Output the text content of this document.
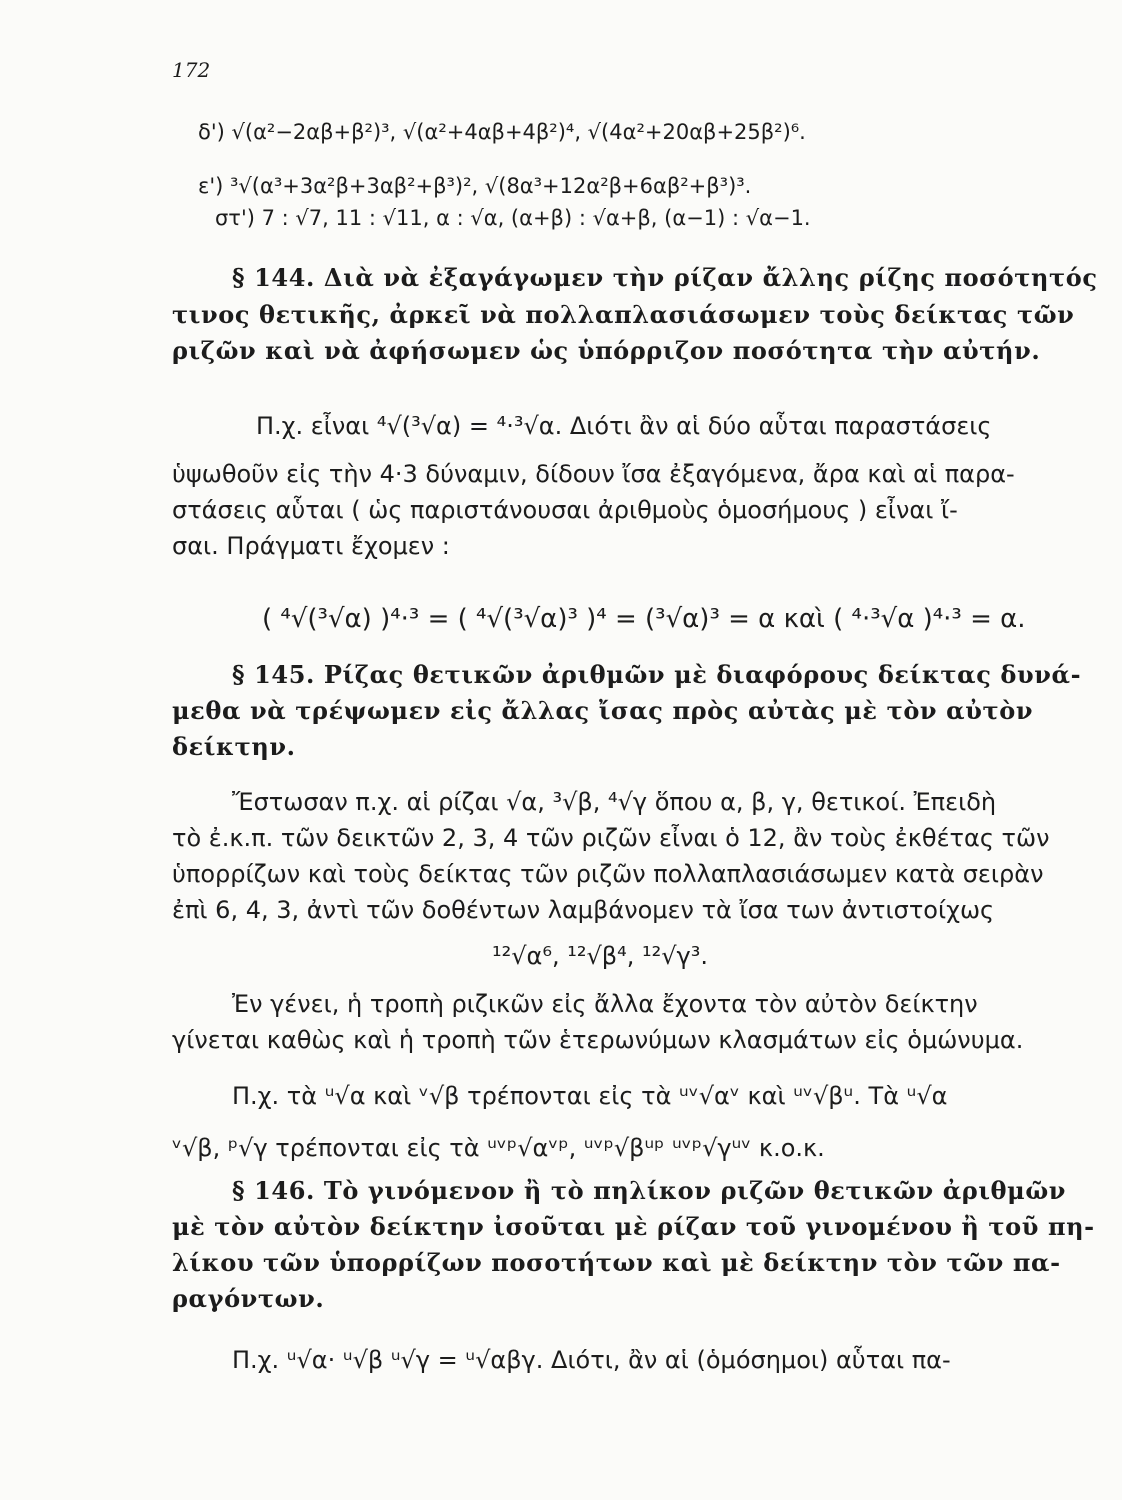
172
δ') √(α²−2αβ+β²)³, √(α²+4αβ+4β²)⁴, √(4α²+20αβ+25β²)⁶.
ε') ³√(α³+3α²β+3αβ²+β³)², √(8α³+12α²β+6αβ²+β³)³.
στ') 7 : √7, 11 : √11, α : √α, (α+β) : √α+β, (α−1) : √α−1.
§ 144. Διὰ νὰ ἐξαγάγωμεν τὴν ρίζαν ἄλλης ρίζης ποσότητός
τινος θετικῆς, ἀρκεῖ νὰ πολλαπλασιάσωμεν τοὺς δείκτας τῶν
ριζῶν καὶ νὰ ἀφήσωμεν ὡς ὑπόρριζον ποσότητα τὴν αὐτήν.
Π.χ. εἶναι ⁴√(³√α) = ⁴·³√α. Διότι ἂν αἱ δύο αὗται παραστάσεις
ὑψωθοῦν εἰς τὴν 4·3 δύναμιν, δίδουν ἴσα ἐξαγόμενα, ἄρα καὶ αἱ παρα-
στάσεις αὗται ( ὡς παριστάνουσαι ἀριθμοὺς ὁμοσήμους ) εἶναι ἴ-
σαι. Πράγματι ἔχομεν :
( ⁴√(³√α) )⁴·³ = ( ⁴√(³√α)³ )⁴ = (³√α)³ = α καὶ ( ⁴·³√α )⁴·³ = α.
§ 145. Ρίζας θετικῶν ἀριθμῶν μὲ διαφόρους δείκτας δυνά-
μεθα νὰ τρέψωμεν εἰς ἄλλας ἴσας πρὸς αὐτὰς μὲ τὸν αὐτὸν
δείκτην.
Ἔστωσαν π.χ. αἱ ρίζαι √α, ³√β, ⁴√γ ὅπου α, β, γ, θετικοί. Ἐπειδὴ
τὸ ἐ.κ.π. τῶν δεικτῶν 2, 3, 4 τῶν ριζῶν εἶναι ὁ 12, ἂν τοὺς ἐκθέτας τῶν
ὑπορρίζων καὶ τοὺς δείκτας τῶν ριζῶν πολλαπλασιάσωμεν κατὰ σειρὰν
ἐπὶ 6, 4, 3, ἀντὶ τῶν δοθέντων λαμβάνομεν τὰ ἴσα των ἀντιστοίχως
¹²√α⁶, ¹²√β⁴, ¹²√γ³.
Ἐν γένει, ἡ τροπὴ ριζικῶν εἰς ἄλλα ἔχοντα τὸν αὐτὸν δείκτην
γίνεται καθὼς καὶ ἡ τροπὴ τῶν ἑτερωνύμων κλασμάτων εἰς ὁμώνυμα.
Π.χ. τὰ ᵘ√α καὶ ᵛ√β τρέπονται εἰς τὰ ᵘᵛ√αᵛ καὶ ᵘᵛ√βᵘ. Τὰ ᵘ√α
ᵛ√β, ᵖ√γ τρέπονται εἰς τὰ ᵘᵛᵖ√αᵛᵖ, ᵘᵛᵖ√βᵘᵖ ᵘᵛᵖ√γᵘᵛ κ.ο.κ.
§ 146. Τὸ γινόμενον ἢ τὸ πηλίκον ριζῶν θετικῶν ἀριθμῶν
μὲ τὸν αὐτὸν δείκτην ἰσοῦται μὲ ρίζαν τοῦ γινομένου ἢ τοῦ πη-
λίκου τῶν ὑπορρίζων ποσοτήτων καὶ μὲ δείκτην τὸν τῶν πα-
ραγόντων.
Π.χ. ᵘ√α· ᵘ√β ᵘ√γ = ᵘ√αβγ. Διότι, ἂν αἱ (ὁμόσημοι) αὗται πα-
